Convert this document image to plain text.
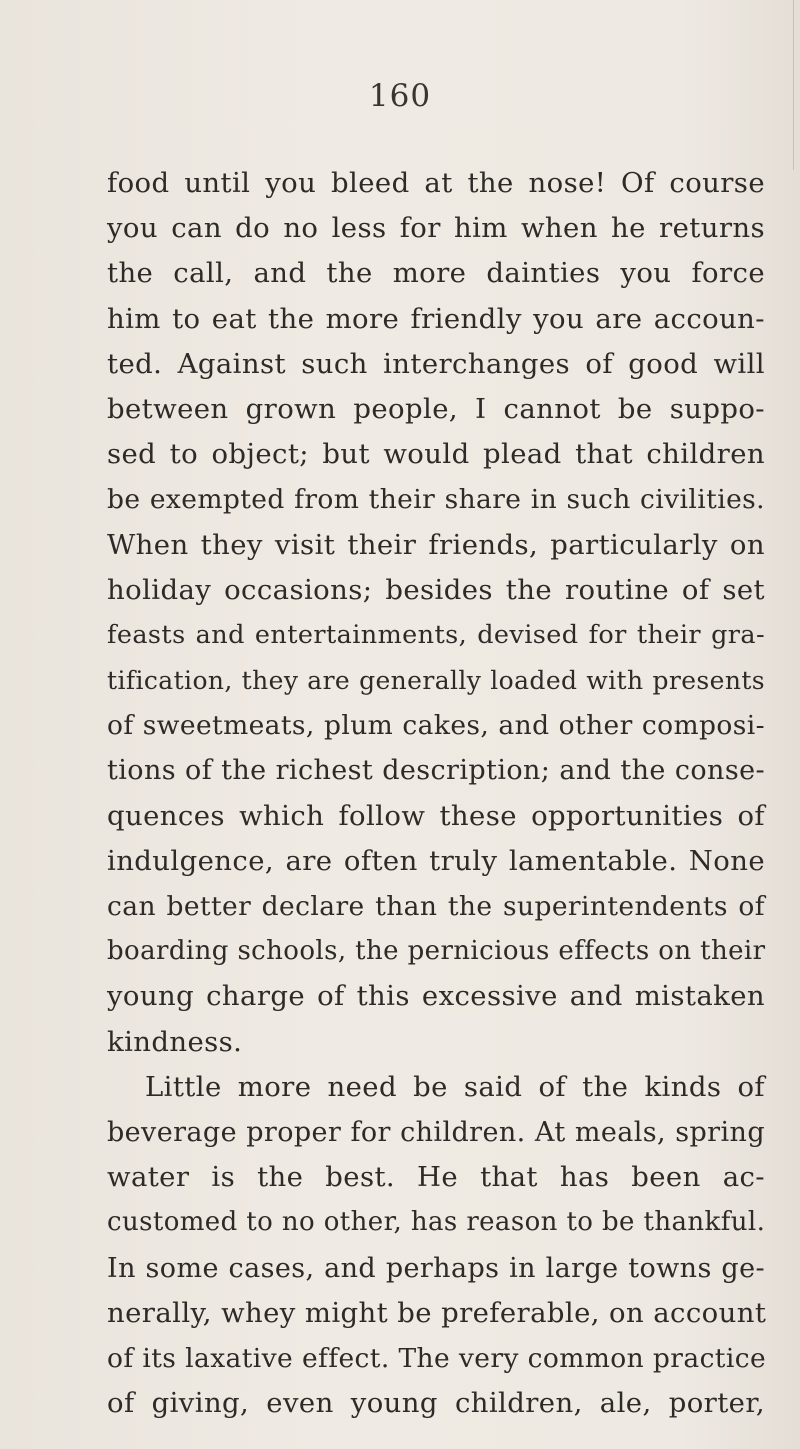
160
food until you bleed at the nose! Of course
you can do no less for him when he returns
the call, and the more dainties you force
him to eat the more friendly you are accoun-
ted. Against such interchanges of good will
between grown people, I cannot be suppo-
sed to object; but would plead that children
be exempted from their share in such civilities.
When they visit their friends, particularly on
holiday occasions; besides the routine of set
feasts and entertainments, devised for their gra-
tification, they are generally loaded with presents
of sweetmeats, plum cakes, and other composi-
tions of the richest description; and the conse-
quences which follow these opportunities of
indulgence, are often truly lamentable. None
can better declare than the superintendents of
boarding schools, the pernicious effects on their
young charge of this excessive and mistaken
kindness.
Little more need be said of the kinds of
beverage proper for children. At meals, spring
water is the best. He that has been ac-
customed to no other, has reason to be thankful.
In some cases, and perhaps in large towns ge-
nerally, whey might be preferable, on account
of its laxative effect. The very common practice
of giving, even young children, ale, porter,
